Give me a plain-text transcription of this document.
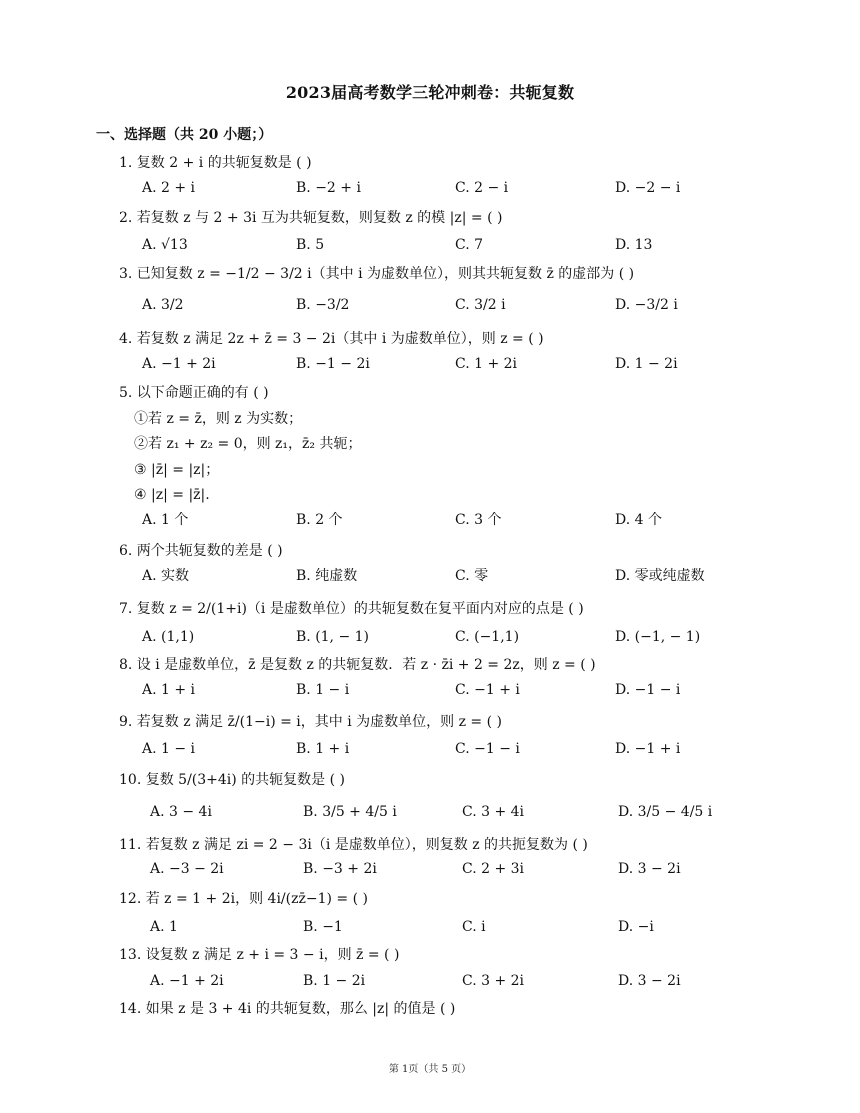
2023届高考数学三轮冲刺卷：共轭复数
一、选择题（共 20 小题；）
1. 复数 2 + i 的共轭复数是 ( )
A. 2 + i	B. −2 + i	C. 2 − i	D. −2 − i
2. 若复数 z 与 2 + 3i 互为共轭复数，则复数 z 的模 |z| = ( )
A. √13	B. 5	C. 7	D. 13
3. 已知复数 z = −1/2 − 3/2 i（其中 i 为虚数单位），则其共轭复数 z̄ 的虚部为 ( )
A. 3/2	B. −3/2	C. 3/2 i	D. −3/2 i
4. 若复数 z 满足 2z + z̄ = 3 − 2i（其中 i 为虚数单位），则 z = ( )
A. −1 + 2i	B. −1 − 2i	C. 1 + 2i	D. 1 − 2i
5. 以下命题正确的有 ( )
①若 z = z̄，则 z 为实数；
②若 z₁ + z₂ = 0，则 z₁，z̄₂ 共轭；
③ |z̄| = |z|；
④ |z| = |z̄|.
A. 1 个	B. 2 个	C. 3 个	D. 4 个
6. 两个共轭复数的差是 ( )
A. 实数	B. 纯虚数	C. 零	D. 零或纯虚数
7. 复数 z = 2/(1+i)（i 是虚数单位）的共轭复数在复平面内对应的点是 ( )
A. (1,1)	B. (1, − 1)	C. (−1,1)	D. (−1, − 1)
8. 设 i 是虚数单位，z̄ 是复数 z 的共轭复数．若 z · z̄i + 2 = 2z，则 z = ( )
A. 1 + i	B. 1 − i	C. −1 + i	D. −1 − i
9. 若复数 z 满足 z̄/(1−i) = i，其中 i 为虚数单位，则 z = ( )
A. 1 − i	B. 1 + i	C. −1 − i	D. −1 + i
10. 复数 5/(3+4i) 的共轭复数是 ( )
A. 3 − 4i	B. 3/5 + 4/5 i	C. 3 + 4i	D. 3/5 − 4/5 i
11. 若复数 z 满足 zi = 2 − 3i（i 是虚数单位），则复数 z 的共扼复数为 ( )
A. −3 − 2i	B. −3 + 2i	C. 2 + 3i	D. 3 − 2i
12. 若 z = 1 + 2i，则 4i/(zz̄−1) = ( )
A. 1	B. −1	C. i	D. −i
13. 设复数 z 满足 z + i = 3 − i，则 z̄ = ( )
A. −1 + 2i	B. 1 − 2i	C. 3 + 2i	D. 3 − 2i
14. 如果 z 是 3 + 4i 的共轭复数，那么 |z| 的值是 ( )
第 1页（共 5 页）
